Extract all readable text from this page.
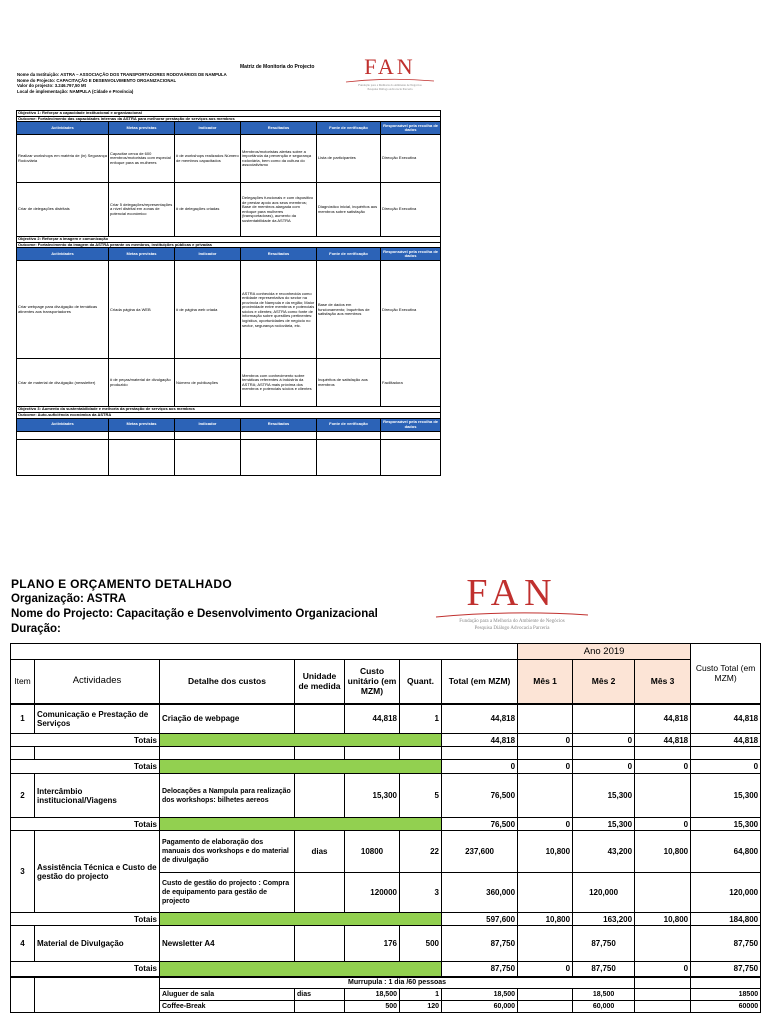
Matriz de Monitoria do Projecto	FAN
Fundação para a Melhoria do Ambiente de Negócios
Pesquisa Diálogo Advocacia Parceria
Nome da Instituição: ASTRA – ASSOCIAÇÃO DOS TRANSPORTADORES RODOVIÁRIOS DE NAMPULA
Nome do Projecto: CAPACITAÇÃO E DESENVOLVIMENTO ORGANIZACIONAL
Valor do projecto: 3.246.797,50 Mt
Local de implementação: NAMPULA (Cidade e Província)
Objectivo 1: Reforçar a capacidade institucional e organizacional					
Outcome: Fortalecimento das capacidades internas da ASTRA para melhorar prestação de serviços aos membros					
Actividades	Metas previstas	Indicador	Resultados	Fonte de verificação	Responsável pela recolha de dados
Realizar workshops em matéria de (in) Segurança Rodoviária	Capacitar cerca de 600 membros/motoristas com especial enfoque para as mulheres	# de workshops realizados Número de membros capacitados	Membros/motoristas alertas sobre a importância da prevenção e segurança rodoviária, bem como da cultura do associativismo	Lista de participantes	Direcção Executiva
Criar de delegações distritais	Criar 5 delegações/representações a nível distrital em zonas de potencial económico	# de delegações criadas	Delegações funcionais e com dspositivo de prestar apoio aos seus membros; Base de membros alargada com enfoque para mulheres (transportadoras), aumento da sustentabilidade da ASTRA	Diagnóstico inicial, inquéritos aos membros sobre satisfação	Direcção Executiva
Objectivo 2: Reforçar a imagem e comunicação					
Outcome: Fortalecimento da imagem da ASTRA perante os membros, instituições públicas e privadas					
Actividades	Metas previstas	Indicador	Resultados	Fonte de verificação	Responsável pela recolha de dados
Criar webpage para divulgação de temáticas atinentes aos transportadores	Criada página da WEB	# de página web criada	ASTRA conhecida e reconhecida como entidade representativa do sector na província de Nampula e da região; Maior proximidade entre membros e potenciais sócios e clientes; ASTRA como fonte de informação sobre questões pertinentes: logística, oportunidades de negócio no sector, segurança rodoviária, etc.	Base de dados em funcionamento; Inquéritos de satisfação aos membros	Direcção Executiva
Criar de material de divulgação (newsletter)	# de peças/material de divulgação produzido	Número de publicações	Membros com conhecimento sobre temáticas referentes à indústria da ASTRA; ASTRA mais próxima dos membros e potenciais sócios e clientes	Inquéritos de satisfação aos membros	Facilitadora
Objectivo 3: Aumento da sustentabilidade e melhoria da prestação de serviços aos membros					
Outcome: Auto-suficiência económica da ASTRA					
Actividades	Metas previstas	Indicador	Resultados	Fonte de verificação	Responsável pela recolha de dados

PLANO E ORÇAMENTO DETALHADO
Organização: ASTRA
Nome do Projecto: Capacitação e Desenvolvimento Organizacional
Duração:
FAN
Fundação para a Melhoria do Ambiente de Negócios
Pesquisa Diálogo Advocacia Parceria
							Ano 2019			Custo Total (em MZM)
Item	Actividades	Detalhe dos custos	Unidade de medida	Custo unitário (em MZM)	Quant.	Total (em MZM)	Mês 1	Mês 2	Mês 3	
1	Comunicação e Prestação de Serviços	Criação de webpage		44,818	1	44,818			44,818	44,818
Totais						44,818	0	0	44,818	44,818

Totais						0	0	0	0	0
2	Intercâmbio institucional/Viagens	Delocações a Nampula para realização dos workshops: bilhetes aereos		15,300	5	76,500		15,300		15,300
Totais						76,500	0	15,300	0	15,300
3	Assistência Técnica e Custo de gestão do projecto	Pagamento de elaboração dos manuais dos workshops e do material de divulgação	dias	10800	22	237,600	10,800	43,200	10,800	64,800
		Custo de gestão do projecto : Compra de equipamento para gestão de projecto		120000	3	360,000		120,000		120,000
Totais						597,600	10,800	163,200	10,800	184,800
4	Material de Divulgação	Newsletter A4		176	500	87,750		87,750		87,750
Totais						87,750	0	87,750	0	87,750
		Murrupula : 1 dia /60 pessoas								
		Aluguer de sala	dias	18,500	1	18,500		18,500		18500
		Coffee-Break		500	120	60,000		60,000		60000
